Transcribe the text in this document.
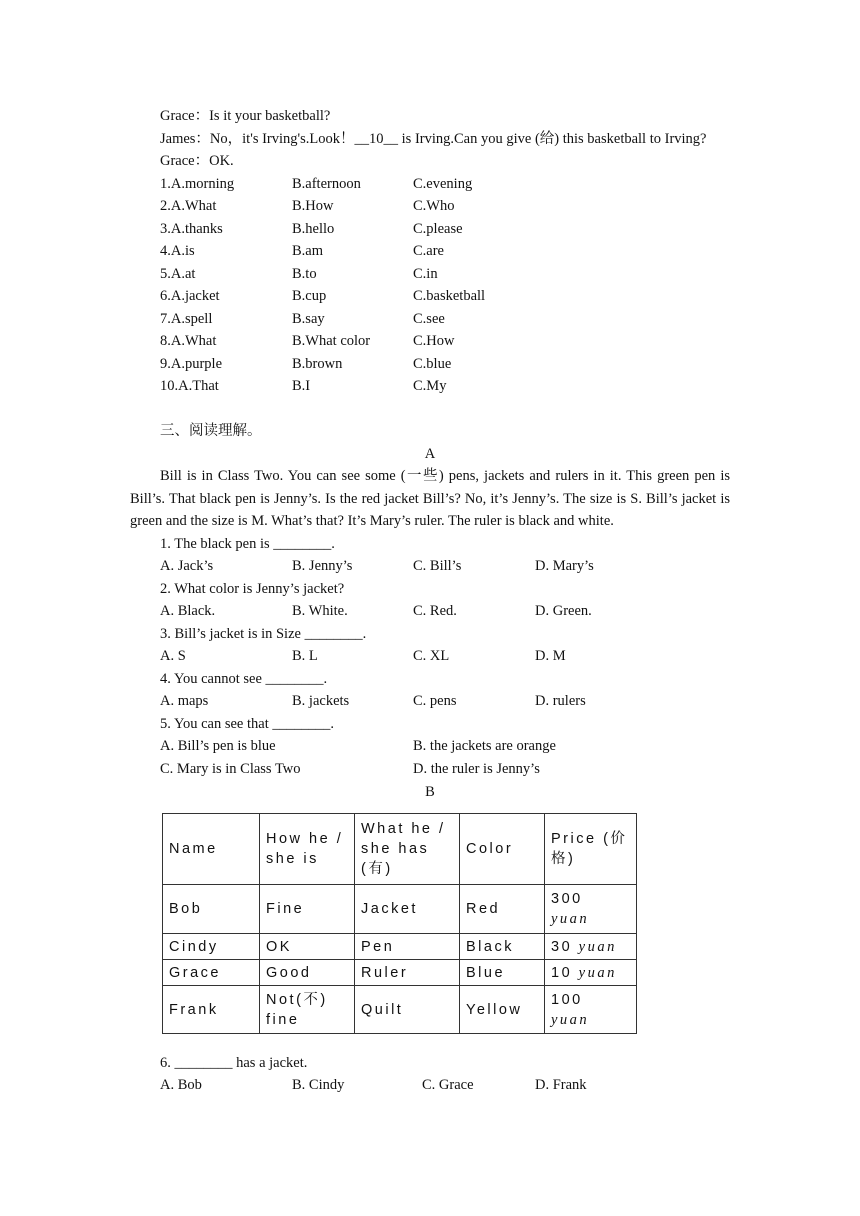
Grace：Is it your basketball?
James：No，it's Irving's.Look！__10__ is Irving.Can you give (给) this basketball to Irving?
Grace：OK.
1.A.morning	B.afternoon	C.evening
2.A.What	B.How	C.Who
3.A.thanks	B.hello	C.please
4.A.is	B.am	C.are
5.A.at	B.to	C.in
6.A.jacket	B.cup	C.basketball
7.A.spell	B.say	C.see
8.A.What	B.What color	C.How
9.A.purple	B.brown	C.blue
10.A.That	B.I	C.My
三、阅读理解。
A
Bill is in Class Two. You can see some (一些) pens, jackets and rulers in it. This green pen is Bill’s. That black pen is Jenny’s. Is the red jacket Bill’s? No, it’s Jenny’s. The size is S. Bill’s jacket is green and the size is M. What’s that? It’s Mary’s ruler. The ruler is black and white.
1. The black pen is ________.
A. Jack’s	B. Jenny’s	C. Bill’s	D. Mary’s
2. What color is Jenny’s jacket?
A. Black.	B. White.	C. Red.	D. Green.
3. Bill’s jacket is in Size ________.
A. S	B. L	C. XL	D. M
4. You cannot see ________.
A. maps	B. jackets	C. pens	D. rulers
5. You can see that ________.
A. Bill’s pen is blue	B. the jackets are orange
C. Mary is in Class Two	D. the ruler is Jenny’s
B
Name	How he / she is	What he / she has (有)	Color	Price (价格)
Bob	Fine	Jacket	Red	300
yuan
Cindy	OK	Pen	Black	30 yuan
Grace	Good	Ruler	Blue	10 yuan
Frank	Not(不) fine	Quilt	Yellow	100
yuan
6. ________ has a jacket.
A. Bob	B. Cindy	C. Grace	D. Frank
